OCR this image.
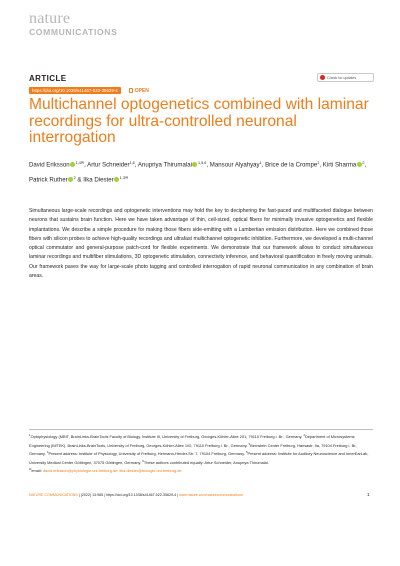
nature
COMMUNICATIONS
ARTICLE	Check for updates
https://doi.org/10.1038/s41467-022-35629-4	OPEN
Multichannel optogenetics combined with laminar recordings for ultra-controlled neuronal interrogation
David Eriksson $^{1,4✉}$, Artur Schneider$^{1,6}$, Anupriya Thirumalai $^{1,5,6}$, Mansour Alyahyay$^1$, Brice de la Crompe$^1$, Kirti Sharma $^2$, Patrick Ruther $^2$ & Ilka Diester $^{1,3✉}$
Simultaneous large-scale recordings and optogenetic interventions may hold the key to deciphering the fast-paced and multifaceted dialogue between neurons that sustains brain function. Here we have taken advantage of thin, cell-sized, optical fibers for minimally invasive optogenetics and flexible implantations. We describe a simple procedure for making those fibers side-emitting with a Lambertian emission distribution. Here we combined those fibers with silicon probes to achieve high-quality recordings and ultrafast multichannel optogenetic inhibition. Furthermore, we developed a multi-channel optical commutator and general-purpose patch-cord for flexible experiments. We demonstrate that our framework allows to conduct simultaneous laminar recordings and multifiber stimulations, 3D optogenetic stimulation, connectivity inference, and behavioral quantification in freely moving animals. Our framework paves the way for large-scale photo tagging and controlled interrogation of rapid neuronal communication in any combination of brain areas.
$^1$Optophysiology (MBIT, BrainLinks-BrainTools Faculty of Biology, Institute III, University of Freiburg, Georges-Köhler-Allee 201, 79110 Freiburg i. Br., Germany. $^2$Department of Microsystems Engineering (IMTEK), BrainLinks-BrainTools, University of Freiburg, Georges-Köhler-Allee 102, 79110 Freiburg i. Br., Germany. $^3$Bernstein Center Freiburg, Hansastr. 9a, 79104 Freiburg i. Br., Germany. $^4$Present address: Institute of Physiology, University of Freiburg, Hermann-Herder-Str. 7, 79104 Freiburg, Germany. $^5$Present address: Institute for Auditory Neuroscience and InnerEarLab, University Medical Center Göttingen, 37075 Göttingen, Germany. $^6$These authors contributed equally: Artur Schneider, Anupriya Thirumalai.
✉email: david.eriksson@physiologie.uni-freiburg.de; ilka.diester@biologie.uni-freiburg.de
NATURE COMMUNICATIONS | (2022) 13:985 | https://doi.org/10.1038/s41467-022-35629-4 | www.nature.com/naturecommunications	1
